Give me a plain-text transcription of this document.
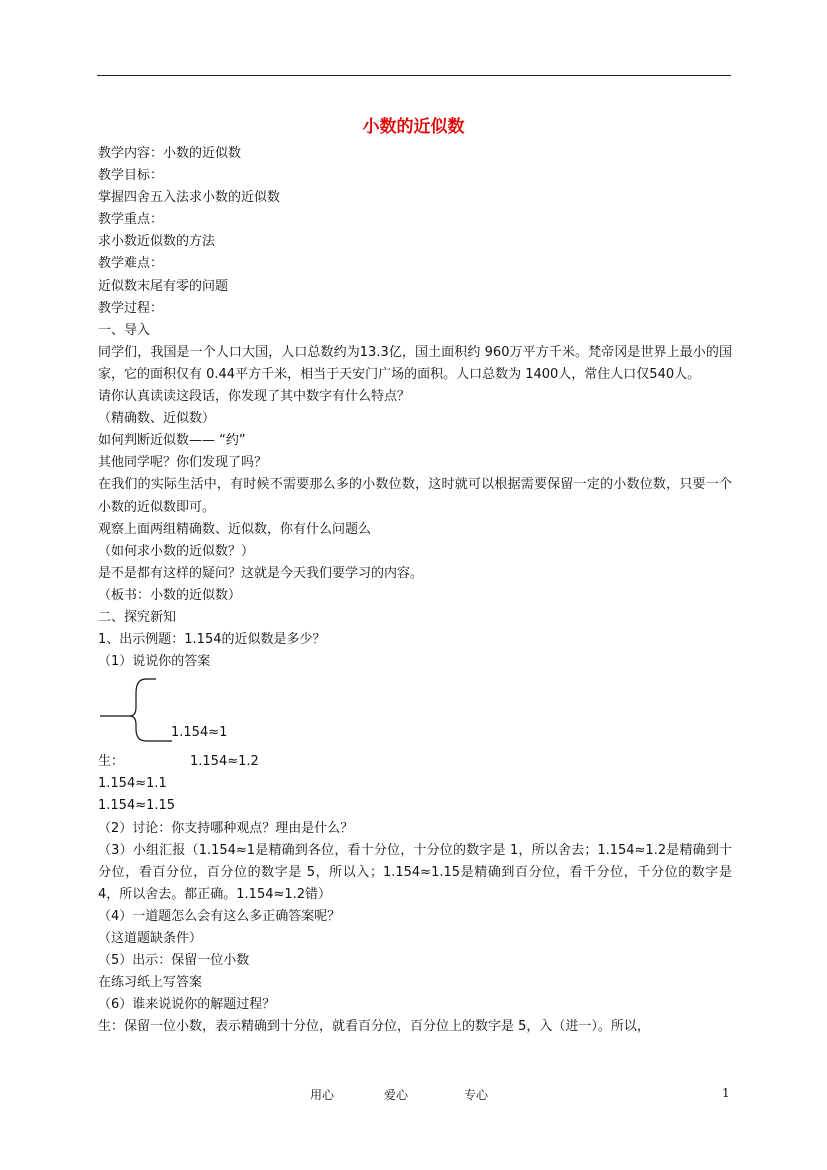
小数的近似数
教学内容：小数的近似数
教学目标：
掌握四舍五入法求小数的近似数
教学重点：
求小数近似数的方法
教学难点：
近似数末尾有零的问题
教学过程：
一、导入
同学们，我国是一个人口大国，人口总数约为13.3亿，国土面积约 960万平方千米。梵帝冈是世界上最小的国家，它的面积仅有 0.44平方千米，相当于天安门广场的面积。人口总数为 1400人，常住人口仅540人。
请你认真读读这段话，你发现了其中数字有什么特点？
（精确数、近似数）
如何判断近似数—— “约”
其他同学呢？你们发现了吗？
在我们的实际生活中，有时候不需要那么多的小数位数，这时就可以根据需要保留一定的小数位数，只要一个小数的近似数即可。
观察上面两组精确数、近似数，你有什么问题么
（如何求小数的近似数？）
是不是都有这样的疑问？这就是今天我们要学习的内容。
（板书：小数的近似数）
二、探究新知
1、出示例题：1.154的近似数是多少？
（1）说说你的答案
1.154≈1
生：	1.154≈1.2
1.154≈1.1
1.154≈1.15
（2）讨论：你支持哪种观点？理由是什么？
（3）小组汇报（1.154≈1是精确到各位，看十分位，十分位的数字是 1，所以舍去；1.154≈1.2是精确到十分位，看百分位，百分位的数字是 5，所以入；1.154≈1.15是精确到百分位，看千分位，千分位的数字是 4，所以舍去。都正确。1.154≈1.2错）
（4）一道题怎么会有这么多正确答案呢？
（这道题缺条件）
（5）出示：保留一位小数
在练习纸上写答案
（6）谁来说说你的解题过程？
生：保留一位小数，表示精确到十分位，就看百分位，百分位上的数字是 5，入（进一）。所以，
用心	爱心	专心	1
